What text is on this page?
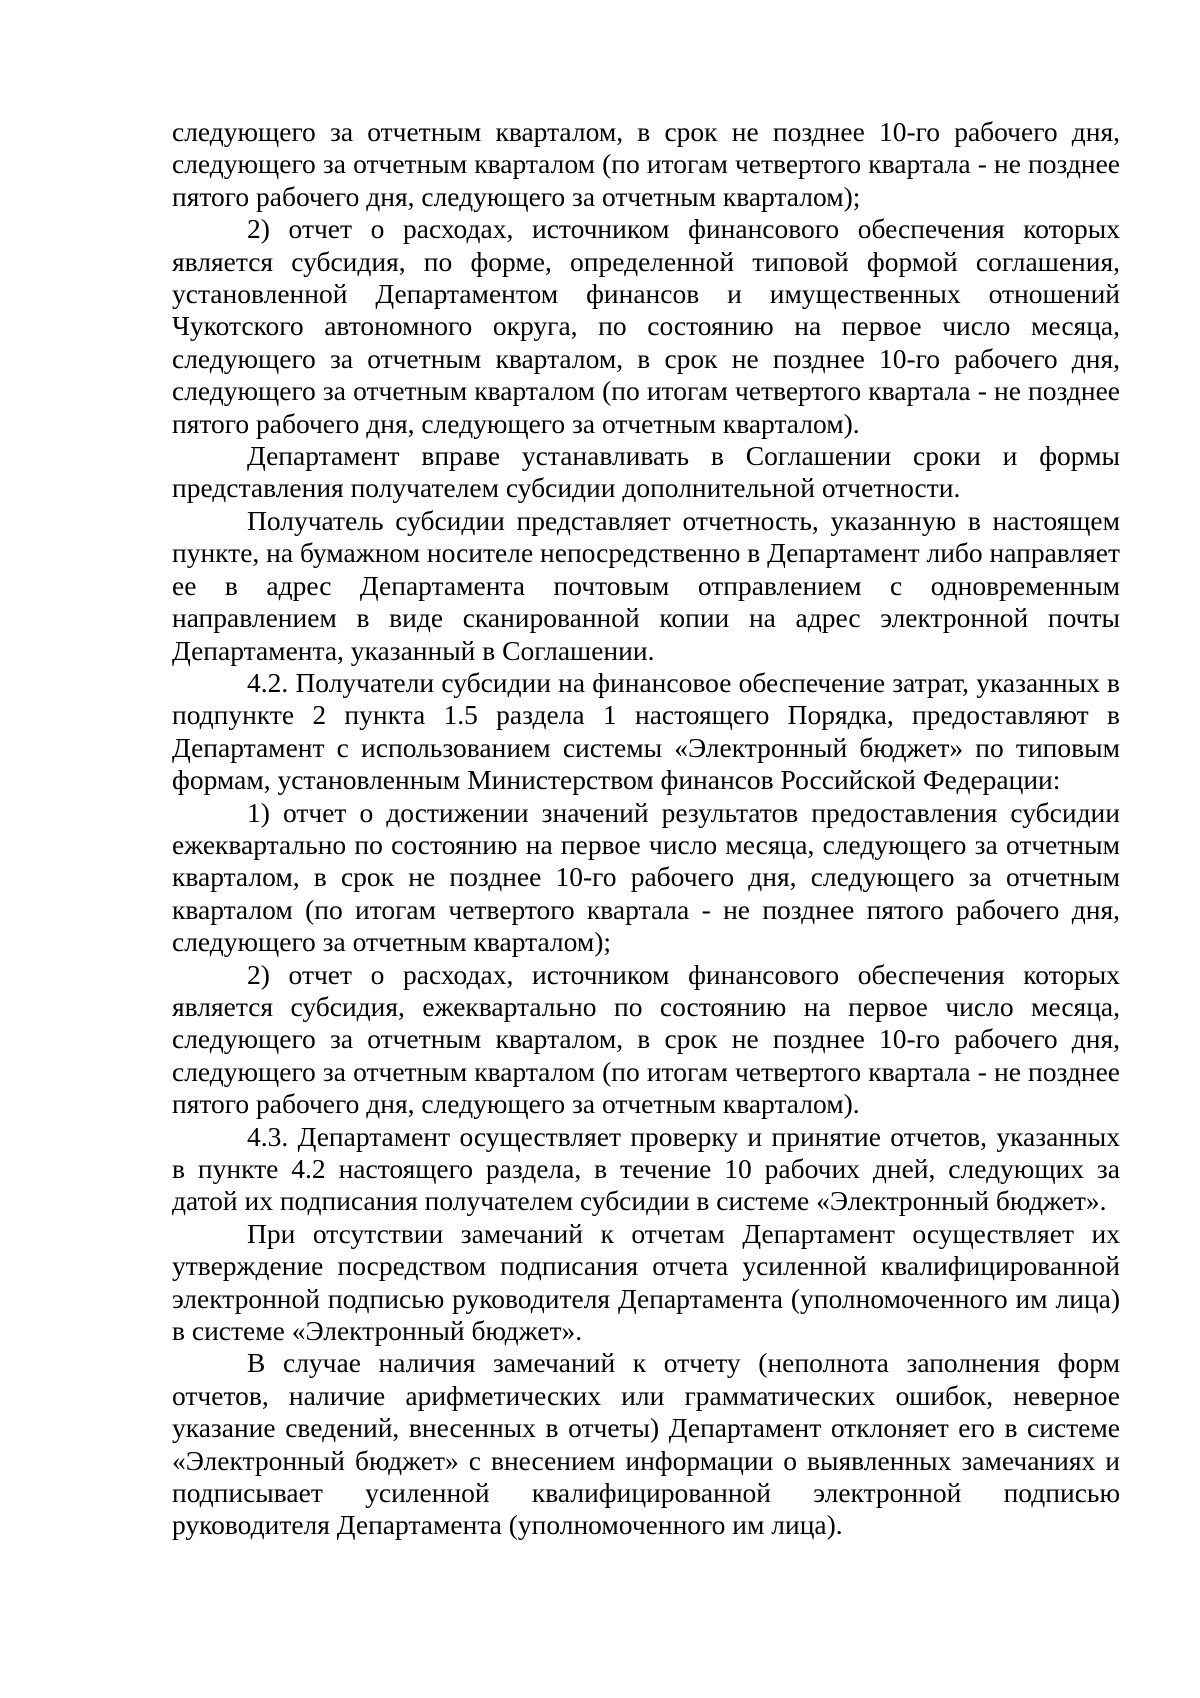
следующего за отчетным кварталом, в срок не позднее 10-го рабочего дня, следующего за отчетным кварталом (по итогам четвертого квартала - не позднее пятого рабочего дня, следующего за отчетным кварталом);

2) отчет о расходах, источником финансового обеспечения которых является субсидия, по форме, определенной типовой формой соглашения, установленной Департаментом финансов и имущественных отношений Чукотского автономного округа, по состоянию на первое число месяца, следующего за отчетным кварталом, в срок не позднее 10-го рабочего дня, следующего за отчетным кварталом (по итогам четвертого квартала - не позднее пятого рабочего дня, следующего за отчетным кварталом).

Департамент вправе устанавливать в Соглашении сроки и формы представления получателем субсидии дополнительной отчетности.

Получатель субсидии представляет отчетность, указанную в настоящем пункте, на бумажном носителе непосредственно в Департамент либо направляет ее в адрес Департамента почтовым отправлением с одновременным направлением в виде сканированной копии на адрес электронной почты Департамента, указанный в Соглашении.

4.2. Получатели субсидии на финансовое обеспечение затрат, указанных в подпункте 2 пункта 1.5 раздела 1 настоящего Порядка, предоставляют в Департамент с использованием системы «Электронный бюджет» по типовым формам, установленным Министерством финансов Российской Федерации:

1) отчет о достижении значений результатов предоставления субсидии ежеквартально по состоянию на первое число месяца, следующего за отчетным кварталом, в срок не позднее 10-го рабочего дня, следующего за отчетным кварталом (по итогам четвертого квартала - не позднее пятого рабочего дня, следующего за отчетным кварталом);

2) отчет о расходах, источником финансового обеспечения которых является субсидия, ежеквартально по состоянию на первое число месяца, следующего за отчетным кварталом, в срок не позднее 10-го рабочего дня, следующего за отчетным кварталом (по итогам четвертого квартала - не позднее пятого рабочего дня, следующего за отчетным кварталом).

4.3. Департамент осуществляет проверку и принятие отчетов, указанных в пункте 4.2 настоящего раздела, в течение 10 рабочих дней, следующих за датой их подписания получателем субсидии в системе «Электронный бюджет».

При отсутствии замечаний к отчетам Департамент осуществляет их утверждение посредством подписания отчета усиленной квалифицированной электронной подписью руководителя Департамента (уполномоченного им лица) в системе «Электронный бюджет».

В случае наличия замечаний к отчету (неполнота заполнения форм отчетов, наличие арифметических или грамматических ошибок, неверное указание сведений, внесенных в отчеты) Департамент отклоняет его в системе «Электронный бюджет» с внесением информации о выявленных замечаниях и подписывает усиленной квалифицированной электронной подписью руководителя Департамента (уполномоченного им лица).
